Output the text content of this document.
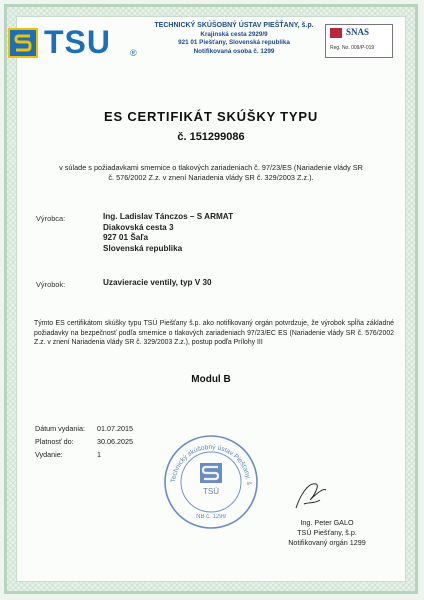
TSU ®
TECHNICKÝ SKÚŠOBNÝ ÚSTAV PIEŠŤANY, š.p.
Krajinská cesta 2929/9
921 01 Piešťany, Slovenská republika
Notifikovaná osoba č. 1299
SNAS
Reg. No. 009/P-019
ES CERTIFIKÁT SKÚŠKY TYPU
č. 151299086
v súlade s požiadavkami smernice o tlakových zariadeniach č. 97/23/ES (Nariadenie vlády SR č. 576/2002 Z.z. v znení Nariadenia vlády SR č. 329/2003 Z.z.).
Výrobca:	Ing. Ladislav Tánczos – S ARMAT
Diakovská cesta 3
927 01 Šaľa
Slovenská republika
Výrobok:	Uzavieracie ventily, typ V 30
Týmto ES certifikátom skúšky typu TSÚ Piešťany š.p. ako notifikovaný orgán potvrdzuje, že výrobok spĺňa základné požiadavky na bezpečnosť podľa smernice o tlakových zariadeniach 97/23/EC ES (Nariadenie vlády SR č. 576/2002 Z.z. v znení Nariadenia vlády SR č. 329/2003 Z.z.), postup podľa Prílohy III
Modul B
Dátum vydania: 01.07.2015
Platnosť do:	30.06.2025
Vydanie:	1
Technický skúšobný ústav Piešťany, š
TSÚ
NB č. 1299
Ing. Peter GALO
TSÚ Piešťany, š.p.
Notifikovaný orgán 1299
